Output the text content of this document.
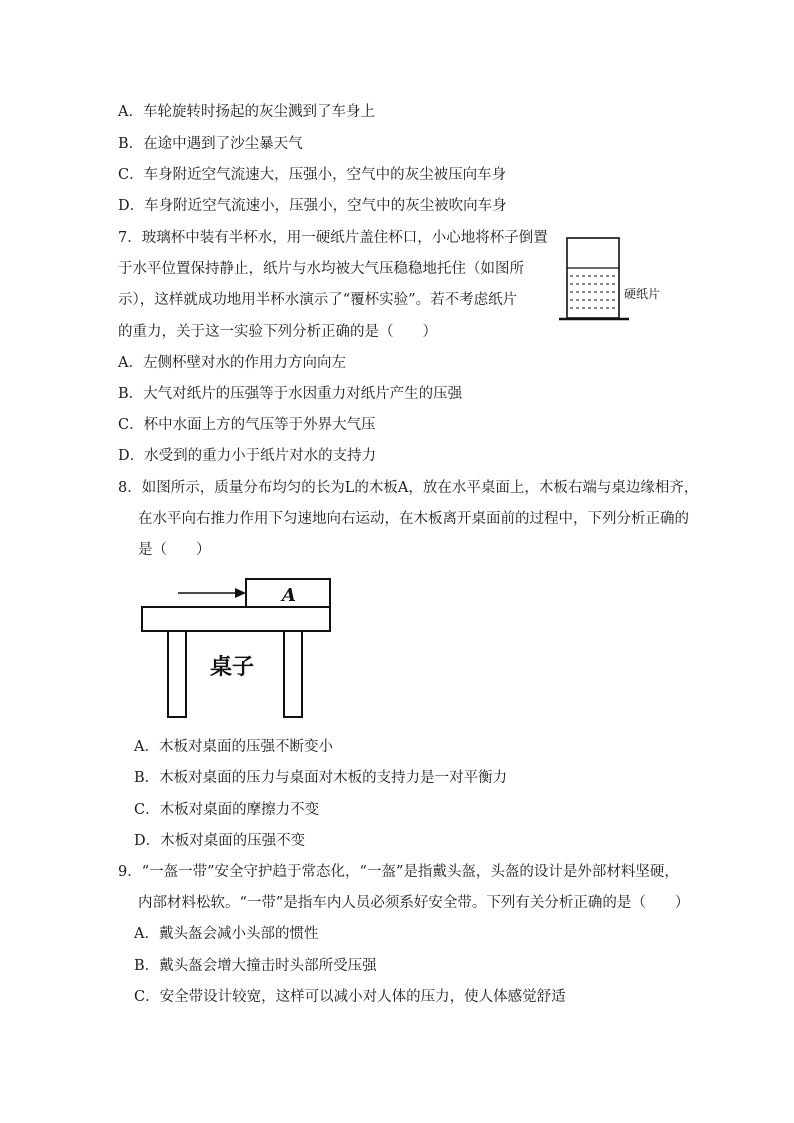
A．车轮旋转时扬起的灰尘溅到了车身上
B．在途中遇到了沙尘暴天气
C．车身附近空气流速大，压强小，空气中的灰尘被压向车身
D．车身附近空气流速小，压强小，空气中的灰尘被吹向车身
7．玻璃杯中装有半杯水，用一硬纸片盖住杯口，小心地将杯子倒置
于水平位置保持静止，纸片与水均被大气压稳稳地托住（如图所
示），这样就成功地用半杯水演示了“覆杯实验”。若不考虑纸片
的重力，关于这一实验下列分析正确的是（　　）
硬纸片
A．左侧杯壁对水的作用力方向向左
B．大气对纸片的压强等于水因重力对纸片产生的压强
C．杯中水面上方的气压等于外界大气压
D．水受到的重力小于纸片对水的支持力
8．如图所示，质量分布均匀的长为L的木板A，放在水平桌面上，木板右端与桌边缘相齐，
在水平向右推力作用下匀速地向右运动，在木板离开桌面前的过程中，下列分析正确的
是（　　）
A
桌子
A．木板对桌面的压强不断变小
B．木板对桌面的压力与桌面对木板的支持力是一对平衡力
C．木板对桌面的摩擦力不变
D．木板对桌面的压强不变
9．“一盔一带”安全守护趋于常态化，“一盔”是指戴头盔，头盔的设计是外部材料坚硬，
内部材料松软。“一带”是指车内人员必须系好安全带。下列有关分析正确的是（　　）
A．戴头盔会减小头部的惯性
B．戴头盔会增大撞击时头部所受压强
C．安全带设计较宽，这样可以减小对人体的压力，使人体感觉舒适
